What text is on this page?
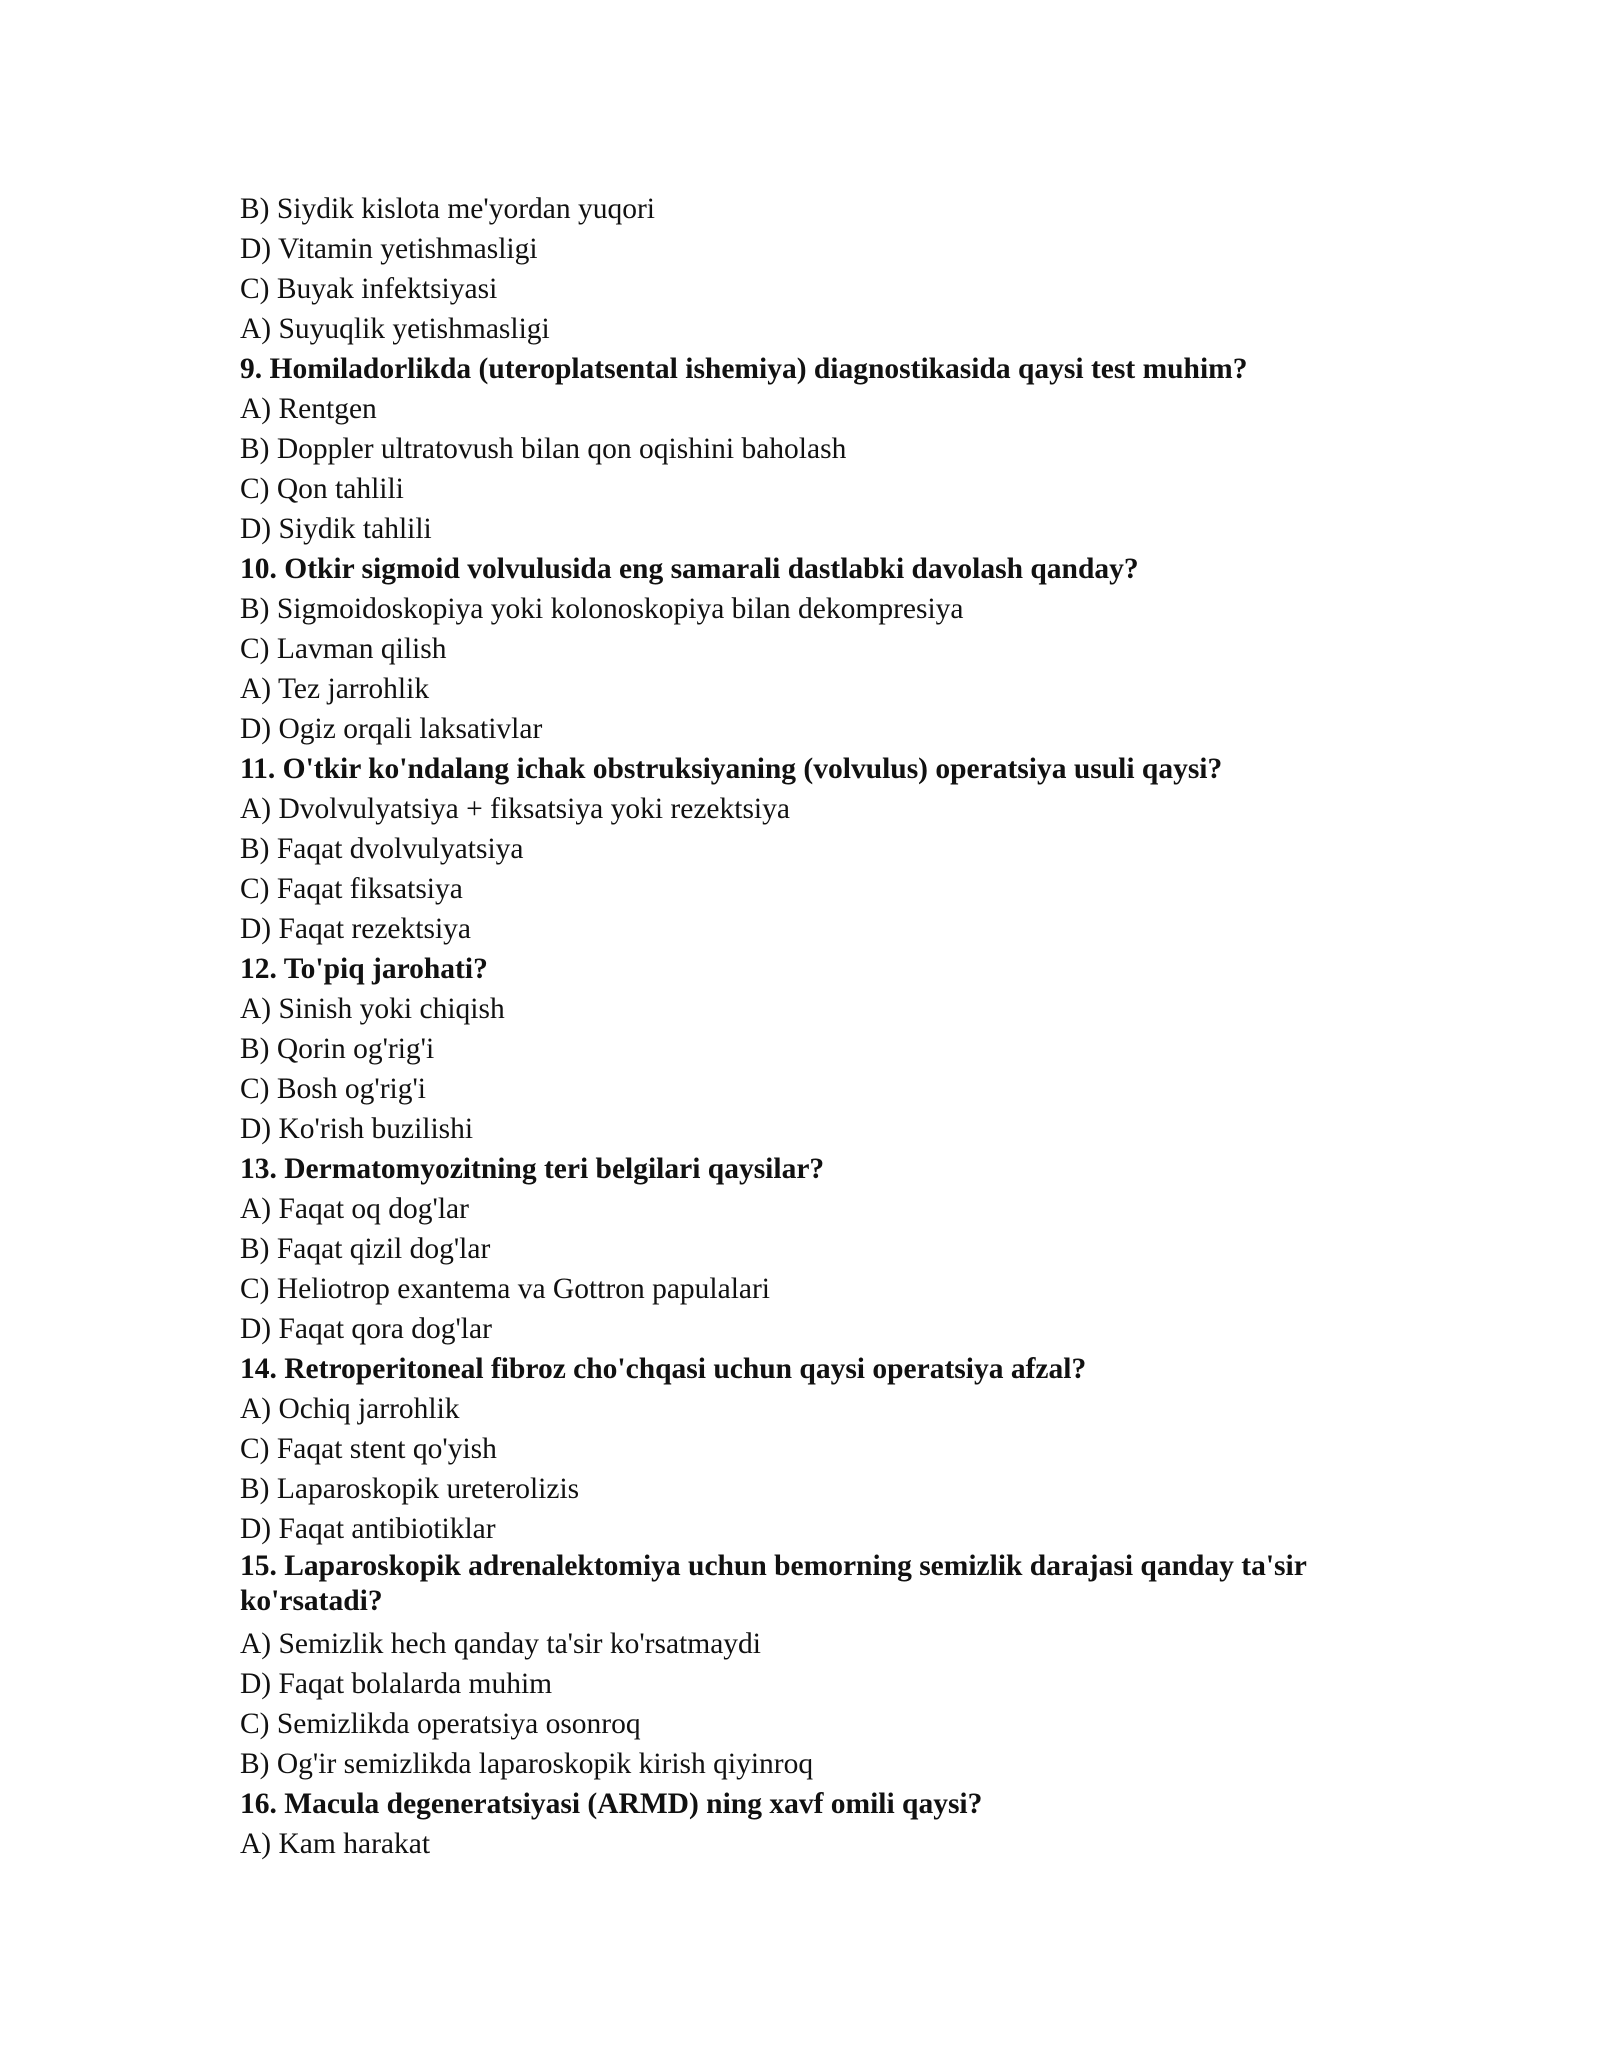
B) Siydik kislota me'yordan yuqori
D) Vitamin yetishmasligi
C) Buyak infektsiyasi
A) Suyuqlik yetishmasligi
9. Homiladorlikda (uteroplatsental ishemiya) diagnostikasida qaysi test muhim?
A) Rentgen
B) Doppler ultratovush bilan qon oqishini baholash
C) Qon tahlili
D) Siydik tahlili
10. Otkir sigmoid volvulusida eng samarali dastlabki davolash qanday?
B) Sigmoidoskopiya yoki kolonoskopiya bilan dekompresiya
C) Lavman qilish
A) Tez jarrohlik
D) Ogiz orqali laksativlar
11. O'tkir ko'ndalang ichak obstruksiyaning (volvulus) operatsiya usuli qaysi?
A) Dvolvulyatsiya + fiksatsiya yoki rezektsiya
B) Faqat dvolvulyatsiya
C) Faqat fiksatsiya
D) Faqat rezektsiya
12. To'piq jarohati?
A) Sinish yoki chiqish
B) Qorin og'rig'i
C) Bosh og'rig'i
D) Ko'rish buzilishi
13. Dermatomyozitning teri belgilari qaysilar?
A) Faqat oq dog'lar
B) Faqat qizil dog'lar
C) Heliotrop exantema va Gottron papulalari
D) Faqat qora dog'lar
14. Retroperitoneal fibroz cho'chqasi uchun qaysi operatsiya afzal?
A) Ochiq jarrohlik
C) Faqat stent qo'yish
B) Laparoskopik ureterolizis
D) Faqat antibiotiklar
15. Laparoskopik adrenalektomiya uchun bemorning semizlik darajasi qanday ta'sir ko'rsatadi?
A) Semizlik hech qanday ta'sir ko'rsatmaydi
D) Faqat bolalarda muhim
C) Semizlikda operatsiya osonroq
B) Og'ir semizlikda laparoskopik kirish qiyinroq
16. Macula degeneratsiyasi (ARMD) ning xavf omili qaysi?
A) Kam harakat
